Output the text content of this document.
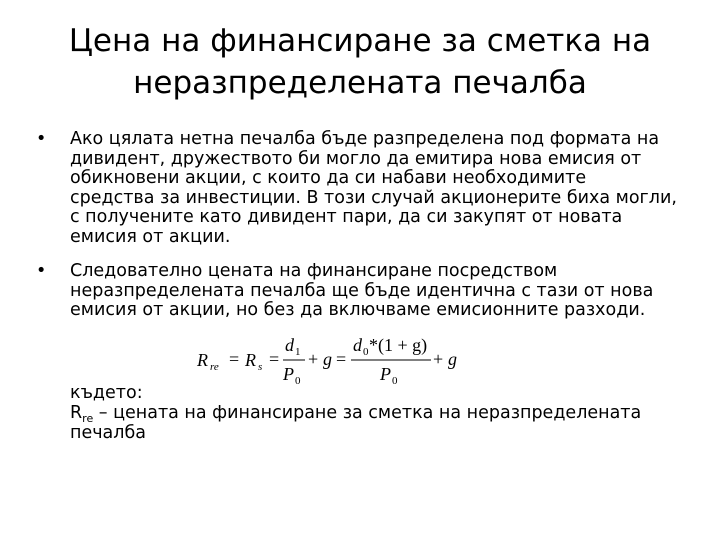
Цена на финансиране за сметка на
неразпределената печалба
• Ако цялата нетна печалба бъде разпределена под формата на
дивидент, дружеството би могло да емитира нова емисия от
обикновени акции, с които да си набави необходимите
средства за инвестиции. В този случай акционерите биха могли,
с получените като дивидент пари, да си закупят от новата
емисия от акции.
• Следователно цената на финансиране посредством
неразпределената печалба ще бъде идентична с тази от нова
емисия от акции, но без да включваме емисионните разходи.
R re = R s =
d 1
P 0
+ g =
d 0 *(1 + g)
P 0
+ g
където:
$R_{re}$ – цената на финансиране за сметка на неразпределената
печалба
